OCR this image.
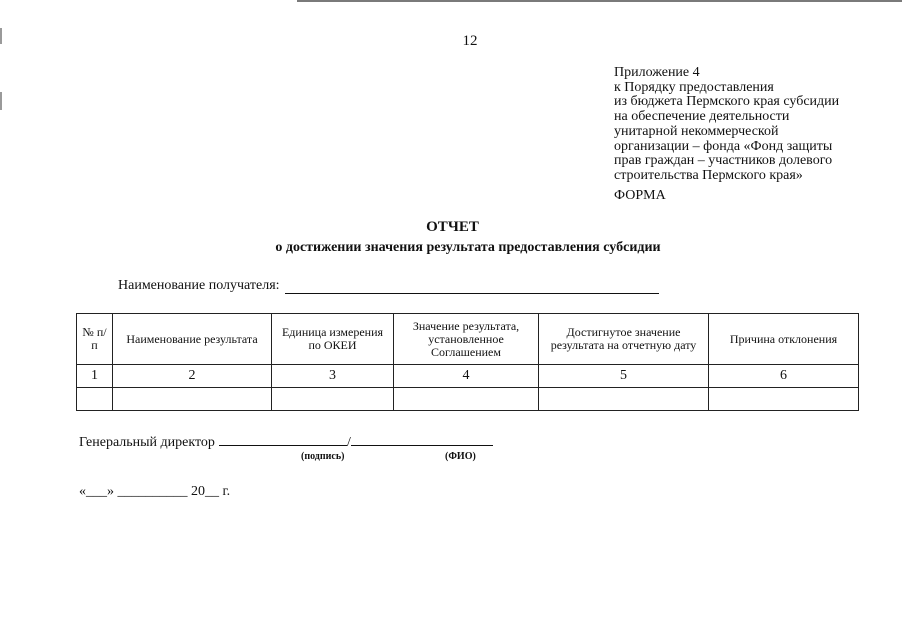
12
Приложение 4
к Порядку предоставления
из бюджета Пермского края субсидии
на обеспечение деятельности
унитарной некоммерческой
организации – фонда «Фонд защиты
прав граждан – участников долевого
строительства Пермского края»
ФОРМА
ОТЧЕТ
о достижении значения результата предоставления субсидии
Наименование получателя:
№ п/п	Наименование результата	Единица измерения по ОКЕИ	Значение результата, установленное Соглашением	Достигнутое значение результата на отчетную дату	Причина отклонения
1	2	3	4	5	6

Генеральный директор	/
(подпись)	(ФИО)
«___» __________ 20__ г.
